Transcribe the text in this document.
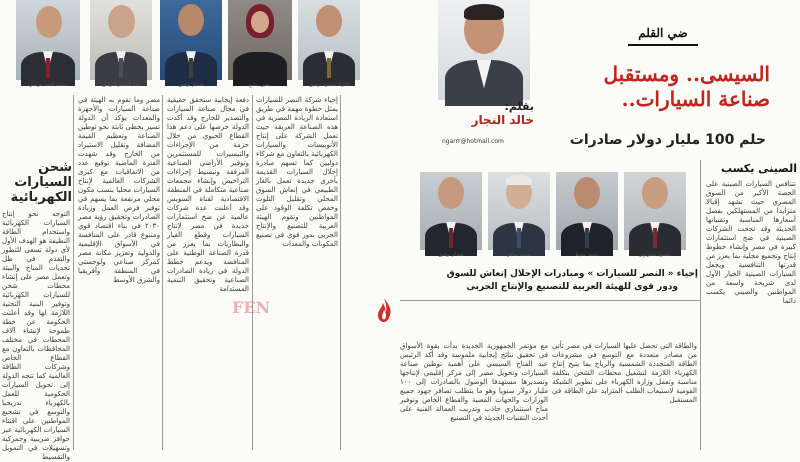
محمد أحمد مرسي	عبد المنعم التراس	هشام توفيق	نيفين جامع	اللواء محمود توفيق
شحن
السيارات
الكهربائية
التوجه نحو إنتاج السيارات الكهربائية واستخدام الطاقة النظيفة هو الهدف الأول لأي دولة تسعى للتطور والتقدم في ظل تحديات المناخ والبيئة وتعمل مصر على إنشاء محطات شحن للسيارات الكهربائية وتوفير البنية التحتية اللازمة لها وقد أعلنت الحكومة عن خطة طموحة لإنشاء آلاف المحطات في مختلف المحافظات بالتعاون مع القطاع الخاص وشركات الطاقة العالمية كما تتجه الدولة إلى تحويل السيارات الحكومية للعمل بالكهرباء تدريجيا والتوسع في تشجيع المواطنين على اقتناء السيارات الكهربائية عبر حوافز ضريبية وجمركية وتسهيلات في التمويل والتقسيط
مصر وما تقوم به الهيئة في صناعة السيارات والأجهزة والمعدات يؤكد أن الدولة تسير بخطى ثابتة نحو توطين الصناعة وتعظيم القيمة المضافة وتقليل الاستيراد من الخارج وقد شهدت الفترة الماضية توقيع عدد من الاتفاقيات مع كبرى الشركات العالمية لإنتاج السيارات محليا بنسب مكون محلي مرتفعة بما يسهم في توفير فرص العمل وزيادة الصادرات وتحقيق رؤية مصر ٢٠٣٠ في بناء اقتصاد قوي ومتنوع قادر على المنافسة في الأسواق الإقليمية والدولية وتعزيز مكانة مصر كمركز صناعي ولوجستي في المنطقة وأفريقيا والشرق الأوسط
دفعة إيجابية ستحقق حقيقية في مجال صناعة السيارات والتصدير للخارج وقد أكدت الدولة حرصها على دعم هذا القطاع الحيوي من خلال حزمة من الإجراءات والتيسيرات للمستثمرين وتوفير الأراضي الصناعية المرفقة وتبسيط إجراءات التراخيص وإنشاء مجمعات صناعية متكاملة في المنطقة الاقتصادية لقناة السويس وقد أعلنت عدة شركات عالمية عن ضخ استثمارات جديدة في مصر لإنتاج السيارات وقطع الغيار والبطاريات بما يعزز من قدرة الصناعة الوطنية على المنافسة ويدعم خطط الدولة في زيادة الصادرات الصناعية وتحقيق التنمية المستدامة
إحياء شركة النصر للسيارات يمثل خطوة مهمة في طريق استعادة الريادة المصرية في هذه الصناعة العريقة حيث تعمل الشركة على إنتاج الأتوبيسات والسيارات الكهربائية بالتعاون مع شركاء دوليين كما تسهم مبادرة إحلال السيارات القديمة بأخرى جديدة تعمل بالغاز الطبيعي في إنعاش السوق المحلي وتقليل التلوث وخفض تكلفة الوقود على المواطنين وتقوم الهيئة العربية للتصنيع والإنتاج الحربي بدور قوي في تصنيع المكونات والمعدات
FEN
مع مؤتمر الجمهورية الجديدة بدأت بقوة الأسواق في تحقيق نتائج إيجابية ملموسة وقد أكد الرئيس عبد الفتاح السيسي على أهمية توطين صناعة السيارات وتحويل مصر إلى مركز إقليمي لإنتاجها وتصديرها مستهدفا الوصول بالصادرات إلى ١٠٠ مليار دولار سنويا وهو ما يتطلب تضافر جهود جميع الوزارات والجهات المعنية والقطاع الخاص وتوفير مناخ استثماري جاذب وتدريب العمالة الفنية على أحدث التقنيات الحديثة في التصنيع
والطاقة التي تحصل عليها السيارات في مصر تأتي من مصادر متعددة مع التوسع في مشروعات الطاقة المتجددة الشمسية والرياح بما يتيح إنتاج الكهرباء اللازمة لتشغيل محطات الشحن بتكلفة مناسبة وتعمل وزارة الكهرباء على تطوير الشبكة القومية لاستيعاب الطلب المتزايد على الطاقة في المستقبل
بقلم:
خالد النجار
ngarrr@hotmail.com
ضي القلم
السيسى.. ومستقبل
صناعة السيارات..
حلم 100 مليار دولار صادرات
هشام توفيق	محمد شاكر	محمد معيط	محمود شعراوى
إحياء « النصر للسيارات » ومبادرات الإحلال إنعاش للسوق
ودور قوى للهيئة العربية للتصنيع والإنتاج الحربى
الصينى يكسب
تتنافس السيارات الصينية على الحصة الأكبر من السوق المصري حيث تشهد إقبالا متزايدا من المستهلكين بفضل أسعارها المناسبة وتقنياتها الحديثة وقد نجحت الشركات الصينية في ضخ استثمارات كبيرة في مصر وإنشاء خطوط إنتاج وتجميع محلية بما يعزز من قدرتها التنافسية ويجعل السيارات الصينية الخيار الأول لدى شريحة واسعة من المواطنين والصيني يكسب دائما
